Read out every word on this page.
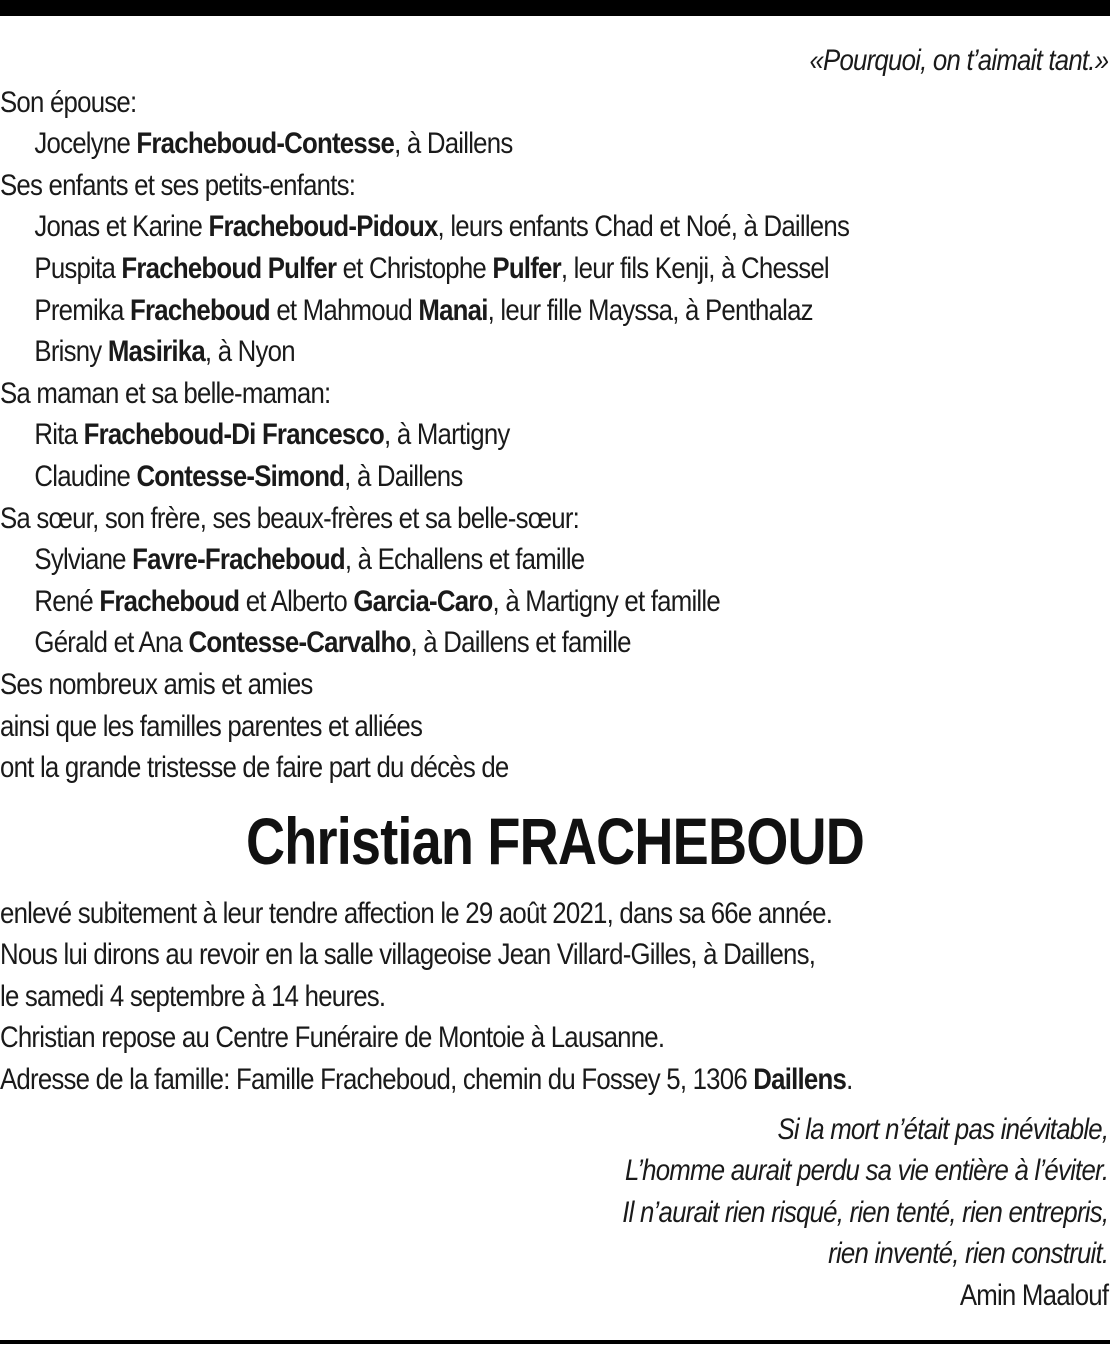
«Pourquoi, on t’aimait tant.»
Son épouse:
Jocelyne Fracheboud-Contesse, à Daillens
Ses enfants et ses petits-enfants:
Jonas et Karine Fracheboud-Pidoux, leurs enfants Chad et Noé, à Daillens
Puspita Fracheboud Pulfer et Christophe Pulfer, leur fils Kenji, à Chessel
Premika Fracheboud et Mahmoud Manai, leur fille Mayssa, à Penthalaz
Brisny Masirika, à Nyon
Sa maman et sa belle-maman:
Rita Fracheboud-Di Francesco, à Martigny
Claudine Contesse-Simond, à Daillens
Sa sœur, son frère, ses beaux-frères et sa belle-sœur:
Sylviane Favre-Fracheboud, à Echallens et famille
René Fracheboud et Alberto Garcia-Caro, à Martigny et famille
Gérald et Ana Contesse-Carvalho, à Daillens et famille
Ses nombreux amis et amies
ainsi que les familles parentes et alliées
ont la grande tristesse de faire part du décès de
Christian FRACHEBOUD
enlevé subitement à leur tendre affection le 29 août 2021, dans sa 66e année.
Nous lui dirons au revoir en la salle villageoise Jean Villard-Gilles, à Daillens,
le samedi 4 septembre à 14 heures.
Christian repose au Centre Funéraire de Montoie à Lausanne.
Adresse de la famille: Famille Fracheboud, chemin du Fossey 5, 1306 Daillens.
Si la mort n’était pas inévitable,
L’homme aurait perdu sa vie entière à l’éviter.
Il n’aurait rien risqué, rien tenté, rien entrepris,
rien inventé, rien construit.
Amin Maalouf
